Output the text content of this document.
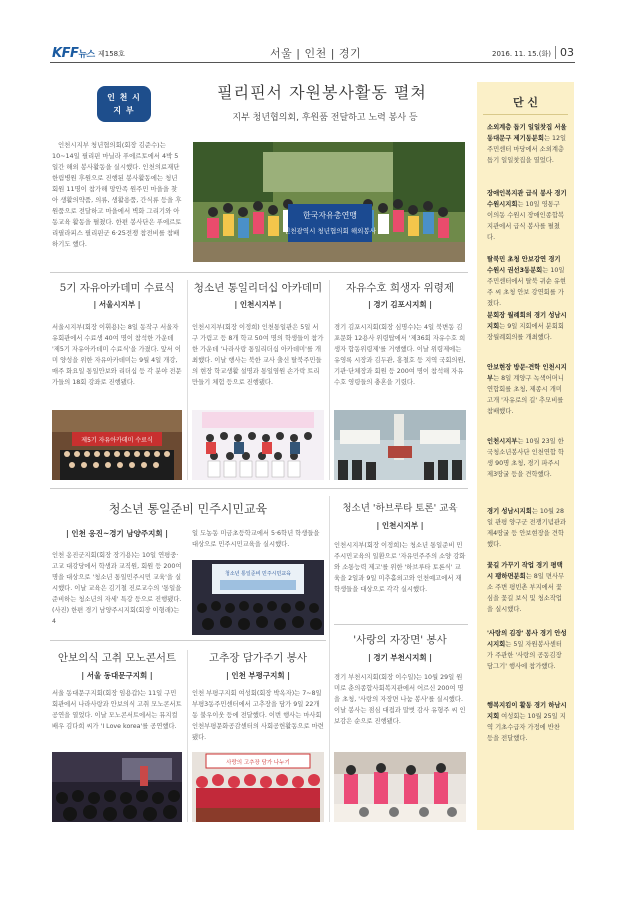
KFF뉴스 제158호	서울 | 인천 | 경기	2016. 11. 15.(화) 03
인 천 시
지 부
필리핀서 자원봉사활동 펼쳐
지부 청년협의회, 후원품 전달하고 노력 봉사 등
인천시지부 청년협의회(회장 김준수)는 10~14일 필리핀 마닐라 푸에르토에서 4박 5일간 해외 봉사활동을 실시했다. 인천의료재단 한림병원 후원으로 진행된 봉사활동에는 청년회원 11명이 참가해 망안족 원주민 마을을 찾아 생활의약품, 의류, 생활용품, 간식류 등을 후원품으로 전달하고 마을에서 벽화 그리기와 아동교육 활동을 펼쳤다. 한편 봉사단은 푸에르토 리필라피스 필리핀군 6·25전쟁 참전비를 참배하기도 했다.
한국자유총연맹
인천광역시 청년협의회 해외봉사
5기 자유아카데미 수료식
| 서울시지부 |
서울시지부(회장 이휘용)는 8일 동작구 서울자유회관에서 수료생 40여 명이 참석한 가운데 '제5기 자유아카데미 수료식'을 가졌다. 앞서 이미 양성을 위한 자유아카데미는 9월 4일 개강, 매주 화요일 통일안보와 리더십 등 각 분야 전문가들의 18회 강좌로 진행됐다.
제5기 자유아카데미 수료식
청소년 통일리더십 아카데미
| 인천시지부 |
인천시지부(회장 이정희) 인천통일관은 5일 서구 가림고 등 8개 학교 50여 명의 학생들이 참가한 가운데 '나라사랑 통일리더십 아카데미'를 개최했다. 이날 행사는 북한 교사 출신 탈북주민들의 현장 학교생활 설명과 통일염원 손가락 트리 만들기 체험 등으로 진행됐다.
자유수호 희생자 위령제
| 경기 김포시지회 |
경기 김포시지회(회장 심명수)는 4일 북변동 김포문화 12용사 위령탑에서 '제36회 자유수호 희생자 합동위령제'를 거행했다. 이날 위령제에는 유영록 시장과 김두관, 홍철호 등 지역 국회의원, 기관·단체장과 회원 등 200여 명이 참석해 자유수호 영령들의 충혼을 기렸다.
청소년 통일준비 민주시민교육
| 인천 옹진~경기 남양주지회 |
인천 옹진군지회(회장 장기용)는 10일 연평중·고교 대강당에서 학생과 교직원, 회원 등 200여 명을 대상으로 '청소년 통일민주시민 교육'을 실시했다. 이날 교육은 김기철 진로교수의 '통일을 준비하는 청소년의 자세' 특강 등으로 진행됐다.(사진) 한편 경기 남양주시지회(회장 이형래)는 4
일 도농동 미금초등학교에서 5·6학년 학생들을 대상으로 민주시민교육을 실시했다.
청소년 통일준비 민주시민교육
청소년 '하브루타 토론' 교육
| 인천시지부 |
인천시지부(회장 이정희)는 청소년 통일준비 민주시민교육의 일환으로 '자유민주주의 소양 강화와 소통능력 제고'를 위한 '하브루타 토론식' 교육을 2일과 9일 미추홀외고와 인천예고에서 재학생들을 대상으로 각각 실시했다.
안보의식 고취 모노콘서트
| 서울 동대문구지회 |
서울 동대문구지회(회장 임용갑)는 11일 구민회관에서 나라사랑과 안보의식 고취 모노콘서트 공연을 열었다. 이날 모노콘서트에서는 뮤지컬 배우 김다희 씨가 'I Love korea'를 공연했다.
고추장 담가주기 봉사
| 인천 부평구지회 |
인천 부평구지회 여성회(회장 박옥자)는 7~8일 부평3동주민센터에서 고추장을 담가 9일 22개 동 불우이웃 등에 전달했다. 이번 행사는 마사회 인천부평문화공감센터의 사회공헌활동으로 마련됐다.
사랑의 고추장 담가 나누기
'사랑의 자장면' 봉사
| 경기 부천시지회 |
경기 부천시지회(회장 이수일)는 10월 29일 원미로 춘의종합사회복지관에서 어르신 200여 명을 초청, '사랑의 자장면 나눔 봉사'를 실시했다. 이날 봉사는 점심 대접과 말벗 감사 유형주 씨 인보감은 순으로 진행됐다.
단 신
소외계층 돕기 일일찻집 서울 동대문구 제기동분회는 12일 주민센터 마당에서 소외계층 돕기 일일찻집을 열었다.
장애인복지관 급식 봉사 경기 수원시지회는 10일 영통구 이의동 수원시 장애인종합복지관에서 급식 봉사를 펼쳤다.
탈북민 초청 안보강연 경기 수원시 권선3동분회는 10일 주민센터에서 탈북 귀순 유현주 씨 초청 안보 강연회를 가졌다.
분회장 월례회의 경기 성남시지회는 9일 지회에서 분회회장월례회의를 개최했다.
안보현장 방문·견학 인천시지부는 8일 계양구 녹색어머니연합회를 초청, 제종시 개미고개 '자유로의 길' 추모비를 참배했다.
인천시지부는 10월 23일 한국청소년봉사단 인천연합 학생 90명 초청, 경기 파주시 제3땅굴 등을 견학했다.
경기 성남시지회는 10월 28일 관평 양구군 전쟁기념관과 제4땅굴 등 안보현장을 견학했다.
꽃길 가꾸기 작업 경기 평택시 팽하면분회는 8일 면사무소 주변 평빈촌 부지에서 꽃심을 꽃길 보식 및 청소작업을 실시했다.
'사랑의 김장' 봉사 경기 안성시지회는 5일 자원봉사센터가 주관한 '사랑의 공동김장 담그기' 행사에 참가했다.
행복지킴이 활동 경기 하남시지회 여성회는 10월 25일 지역 기초수급자 가정에 반찬 등을 전달했다.
